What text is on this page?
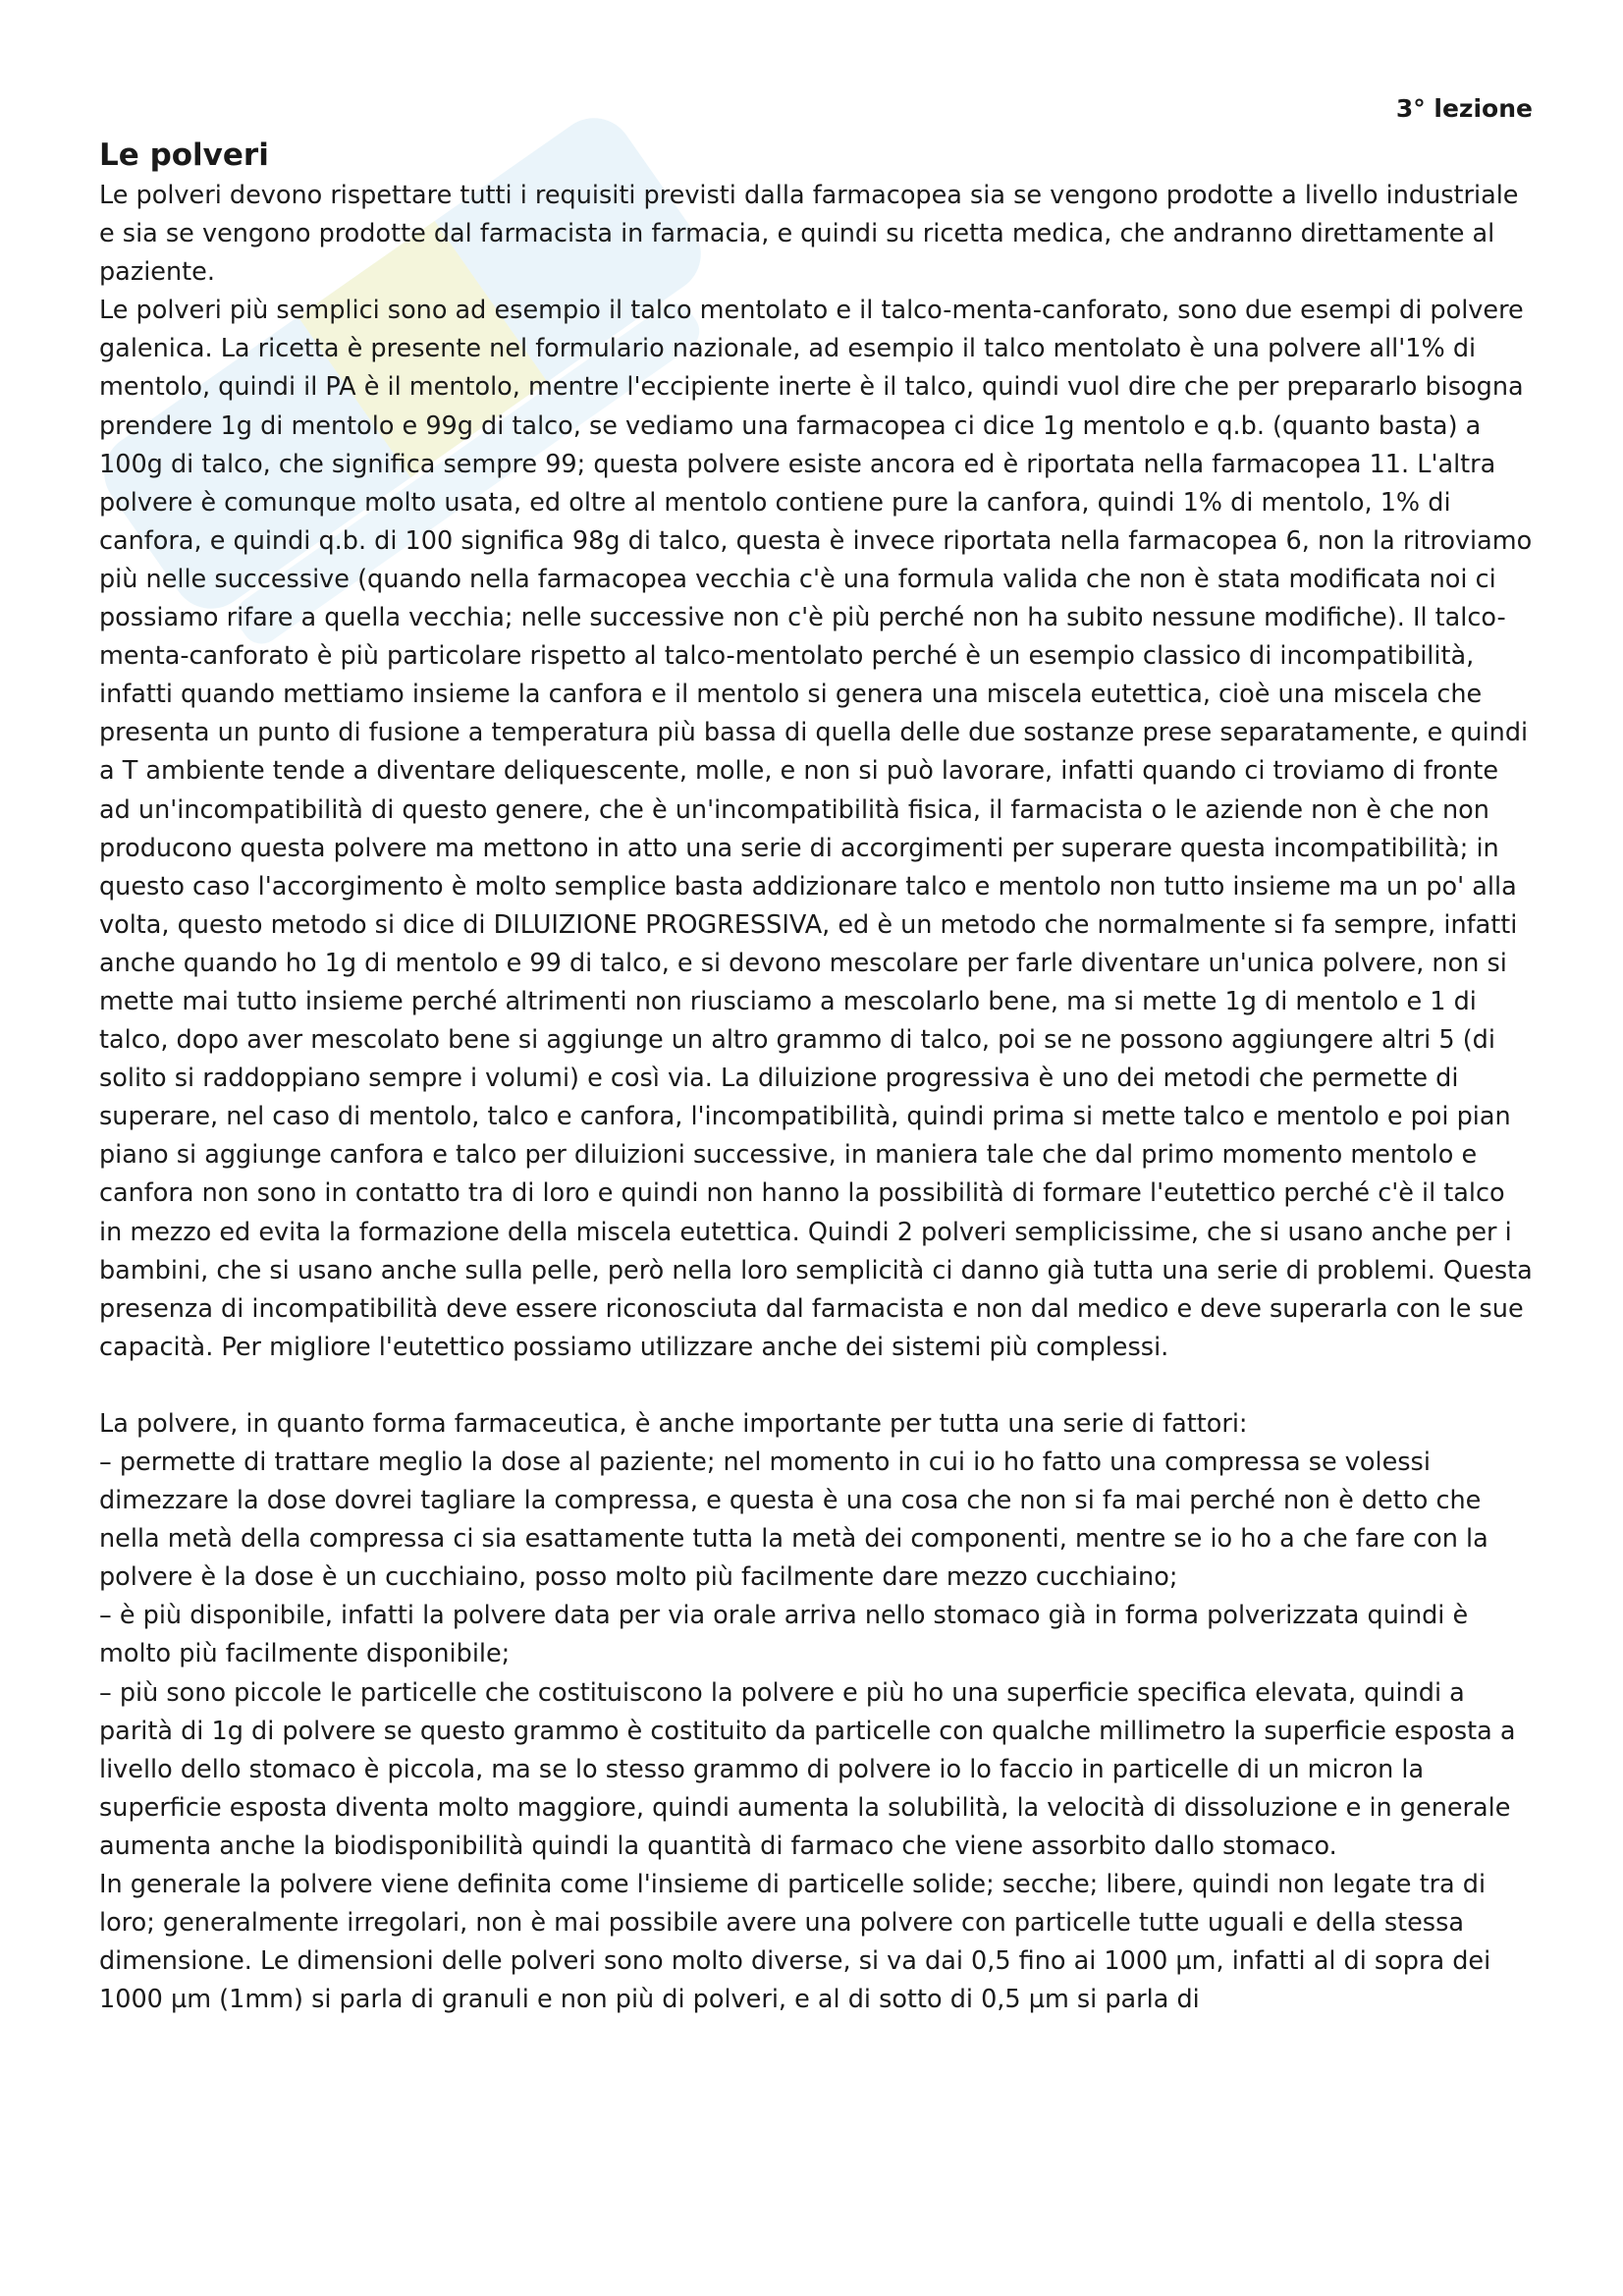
3° lezione
Le polveri

Le polveri devono rispettare tutti i requisiti previsti dalla farmacopea sia se vengono prodotte a livello industriale e sia se vengono prodotte dal farmacista in farmacia, e quindi su ricetta medica, che andranno direttamente al paziente.

Le polveri più semplici sono ad esempio il talco mentolato e il talco-menta-canforato, sono due esempi di polvere galenica. La ricetta è presente nel formulario nazionale, ad esempio il talco mentolato è una polvere all'1% di mentolo, quindi il PA è il mentolo, mentre l'eccipiente inerte è il talco, quindi vuol dire che per prepararlo bisogna prendere 1g di mentolo e 99g di talco, se vediamo una farmacopea ci dice 1g mentolo e q.b. (quanto basta) a 100g di talco, che significa sempre 99; questa polvere esiste ancora ed è riportata nella farmacopea 11. L'altra polvere è comunque molto usata, ed oltre al mentolo contiene pure la canfora, quindi 1% di mentolo, 1% di canfora, e quindi q.b. di 100 significa 98g di talco, questa è invece riportata nella farmacopea 6, non la ritroviamo più nelle successive (quando nella farmacopea vecchia c'è una formula valida che non è stata modificata noi ci possiamo rifare a quella vecchia; nelle successive non c'è più perché non ha subito nessune modifiche). Il talco-menta-canforato è più particolare rispetto al talco-mentolato perché è un esempio classico di incompatibilità, infatti quando mettiamo insieme la canfora e il mentolo si genera una miscela eutettica, cioè una miscela che presenta un punto di fusione a temperatura più bassa di quella delle due sostanze prese separatamente, e quindi a T ambiente tende a diventare deliquescente, molle, e non si può lavorare, infatti quando ci troviamo di fronte ad un'incompatibilità di questo genere, che è un'incompatibilità fisica, il farmacista o le aziende non è che non producono questa polvere ma mettono in atto una serie di accorgimenti per superare questa incompatibilità; in questo caso l'accorgimento è molto semplice basta addizionare talco e mentolo non tutto insieme ma un po' alla volta, questo metodo si dice di DILUIZIONE PROGRESSIVA, ed è un metodo che normalmente si fa sempre, infatti anche quando ho 1g di mentolo e 99 di talco, e si devono mescolare per farle diventare un'unica polvere, non si mette mai tutto insieme perché altrimenti non riusciamo a mescolarlo bene, ma si mette 1g di mentolo e 1 di talco, dopo aver mescolato bene si aggiunge un altro grammo di talco, poi se ne possono aggiungere altri 5 (di solito si raddoppiano sempre i volumi) e così via. La diluizione progressiva è uno dei metodi che permette di superare, nel caso di mentolo, talco e canfora, l'incompatibilità, quindi prima si mette talco e mentolo e poi pian piano si aggiunge canfora e talco per diluizioni successive, in maniera tale che dal primo momento mentolo e canfora non sono in contatto tra di loro e quindi non hanno la possibilità di formare l'eutettico perché c'è il talco in mezzo ed evita la formazione della miscela eutettica. Quindi 2 polveri semplicissime, che si usano anche per i bambini, che si usano anche sulla pelle, però nella loro semplicità ci danno già tutta una serie di problemi. Questa presenza di incompatibilità deve essere riconosciuta dal farmacista e non dal medico e deve superarla con le sue capacità. Per migliore l'eutettico possiamo utilizzare anche dei sistemi più complessi.

La polvere, in quanto forma farmaceutica, è anche importante per tutta una serie di fattori:

– permette di trattare meglio la dose al paziente; nel momento in cui io ho fatto una compressa se volessi dimezzare la dose dovrei tagliare la compressa, e questa è una cosa che non si fa mai perché non è detto che nella metà della compressa ci sia esattamente tutta la metà dei componenti, mentre se io ho a che fare con la polvere è la dose è un cucchiaino, posso molto più facilmente dare mezzo cucchiaino;

– è più disponibile, infatti la polvere data per via orale arriva nello stomaco già in forma polverizzata quindi è molto più facilmente disponibile;

– più sono piccole le particelle che costituiscono la polvere e più ho una superficie specifica elevata, quindi a parità di 1g di polvere se questo grammo è costituito da particelle con qualche millimetro la superficie esposta a livello dello stomaco è piccola, ma se lo stesso grammo di polvere io lo faccio in particelle di un micron la superficie esposta diventa molto maggiore, quindi aumenta la solubilità, la velocità di dissoluzione e in generale aumenta anche la biodisponibilità quindi la quantità di farmaco che viene assorbito dallo stomaco.

In generale la polvere viene definita come l'insieme di particelle solide; secche; libere, quindi non legate tra di loro; generalmente irregolari, non è mai possibile avere una polvere con particelle tutte uguali e della stessa dimensione. Le dimensioni delle polveri sono molto diverse, si va dai 0,5 fino ai 1000 µm, infatti al di sopra dei 1000 µm (1mm) si parla di granuli e non più di polveri, e al di sotto di 0,5 µm si parla di
